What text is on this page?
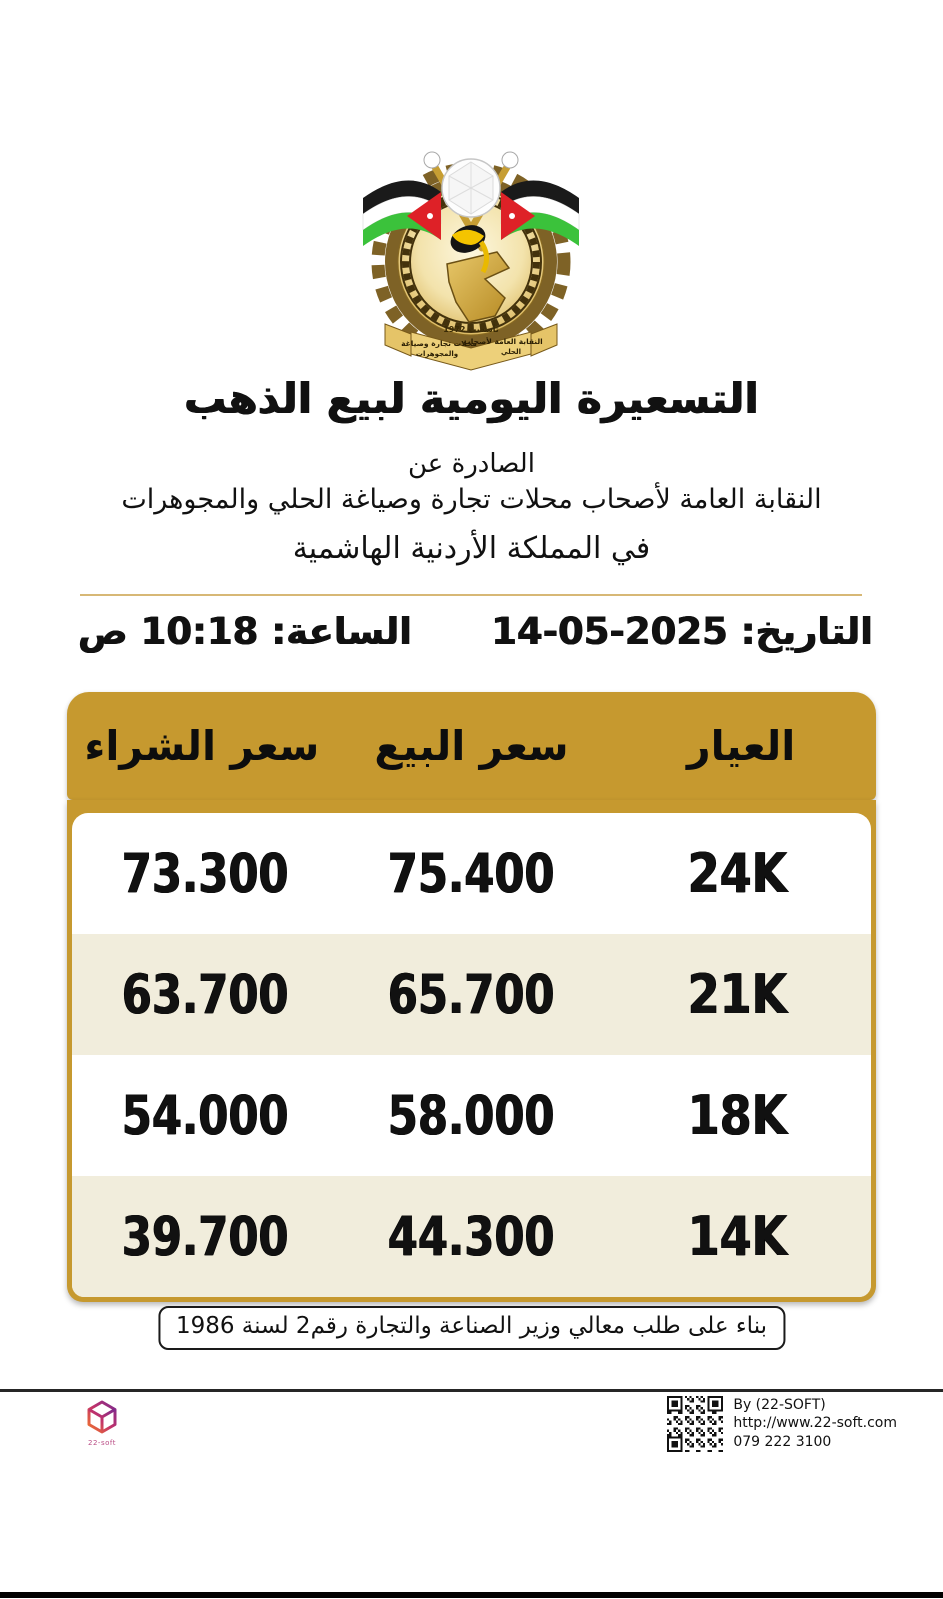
تأسست 1972
النقابة العامة لأصحاب
الحلي
محلات تجارة وصياغة
والمجوهرات
التسعيرة اليومية لبيع الذهب
الصادرة عن
النقابة العامة لأصحاب محلات تجارة وصياغة الحلي والمجوهرات
في المملكة الأردنية الهاشمية
التاريخ: 14-05-2025
الساعة: 10:18 ص
العيار
سعر البيع
سعر الشراء
24K
75.400
73.300
21K
65.700
63.700
18K
58.000
54.000
14K
44.300
39.700
بناء على طلب معالي وزير الصناعة والتجارة رقم2 لسنة 1986
22-soft
By (22-SOFT)
http://www.22-soft.com
079 222 3100
